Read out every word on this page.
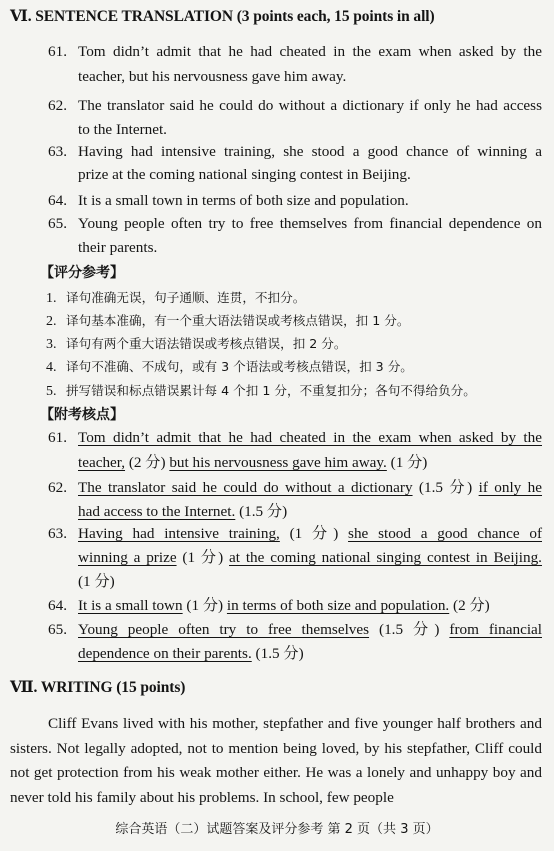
Ⅵ. SENTENCE TRANSLATION (3 points each, 15 points in all)
61. Tom didn’t admit that he had cheated in the exam when asked by the
teacher, but his nervousness gave him away.
62. The translator said he could do without a dictionary if only he had access
to the Internet.
63. Having had intensive training, she stood a good chance of winning a
prize at the coming national singing contest in Beijing.
64. It is a small town in terms of both size and population.
65. Young people often try to free themselves from financial dependence on
their parents.
【评分参考】
1. 译句准确无误，句子通顺、连贯，不扣分。
2. 译句基本准确，有一个重大语法错误或考核点错误，扣 1 分。
3. 译句有两个重大语法错误或考核点错误，扣 2 分。
4. 译句不准确、不成句，或有 3 个语法或考核点错误，扣 3 分。
5. 拼写错误和标点错误累计每 4 个扣 1 分，不重复扣分；各句不得给负分。
【附考核点】
61. Tom didn’t admit that he had cheated in the exam when asked by the
teacher, (2 分) but his nervousness gave him away. (1 分)
62. The translator said he could do without a dictionary (1.5 分) if only he
had access to the Internet. (1.5 分)
63. Having had intensive training, (1 分) she stood a good chance of
winning a prize (1 分) at the coming national singing contest in Beijing.
(1 分)
64. It is a small town (1 分) in terms of both size and population. (2 分)
65. Young people often try to free themselves (1.5 分) from financial
dependence on their parents. (1.5 分)
Ⅶ. WRITING (15 points)
Cliff Evans lived with his mother, stepfather and five younger half brothers and sisters. Not legally adopted, not to mention being loved, by his stepfather, Cliff could not get protection from his weak mother either. He was a lonely and unhappy boy and never told his family about his problems. In school, few people
综合英语（二）试题答案及评分参考 第 2 页（共 3 页）
